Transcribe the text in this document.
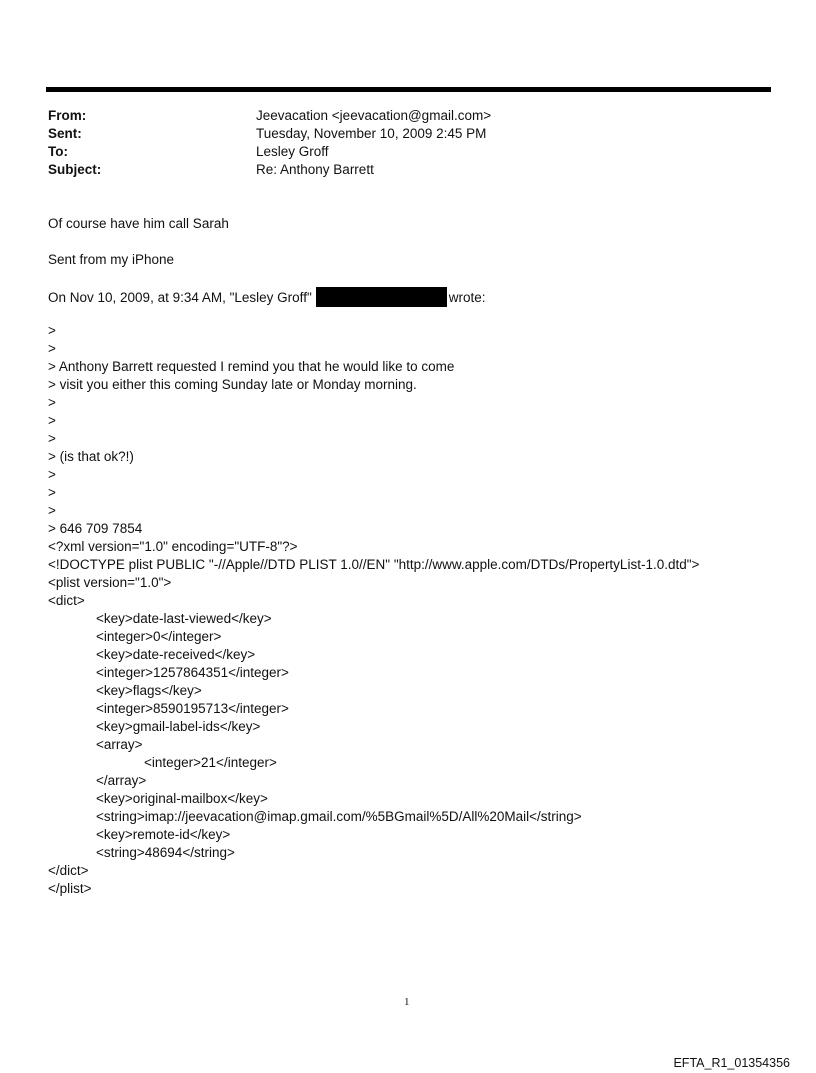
From:	Jeevacation <jeevacation@gmail.com>
Sent:	Tuesday, November 10, 2009 2:45 PM
To:	Lesley Groff
Subject:	Re: Anthony Barrett
Of course have him call Sarah
Sent from my iPhone
On Nov 10, 2009, at 9:34 AM, "Lesley Groff"	wrote:
>
>
> Anthony Barrett requested I remind you that he would like to come
> visit you either this coming Sunday late or Monday morning.
>
>
>
> (is that ok?!)
>
>
>
> 646 709 7854
<?xml version="1.0" encoding="UTF-8"?>
<!DOCTYPE plist PUBLIC "-//Apple//DTD PLIST 1.0//EN" "http://www.apple.com/DTDs/PropertyList-1.0.dtd">
<plist version="1.0">
<dict>
<key>date-last-viewed</key>
<integer>0</integer>
<key>date-received</key>
<integer>1257864351</integer>
<key>flags</key>
<integer>8590195713</integer>
<key>gmail-label-ids</key>
<array>
<integer>21</integer>
</array>
<key>original-mailbox</key>
<string>imap://jeevacation@imap.gmail.com/%5BGmail%5D/All%20Mail</string>
<key>remote-id</key>
<string>48694</string>
</dict>
</plist>
1
EFTA_R1_01354356
